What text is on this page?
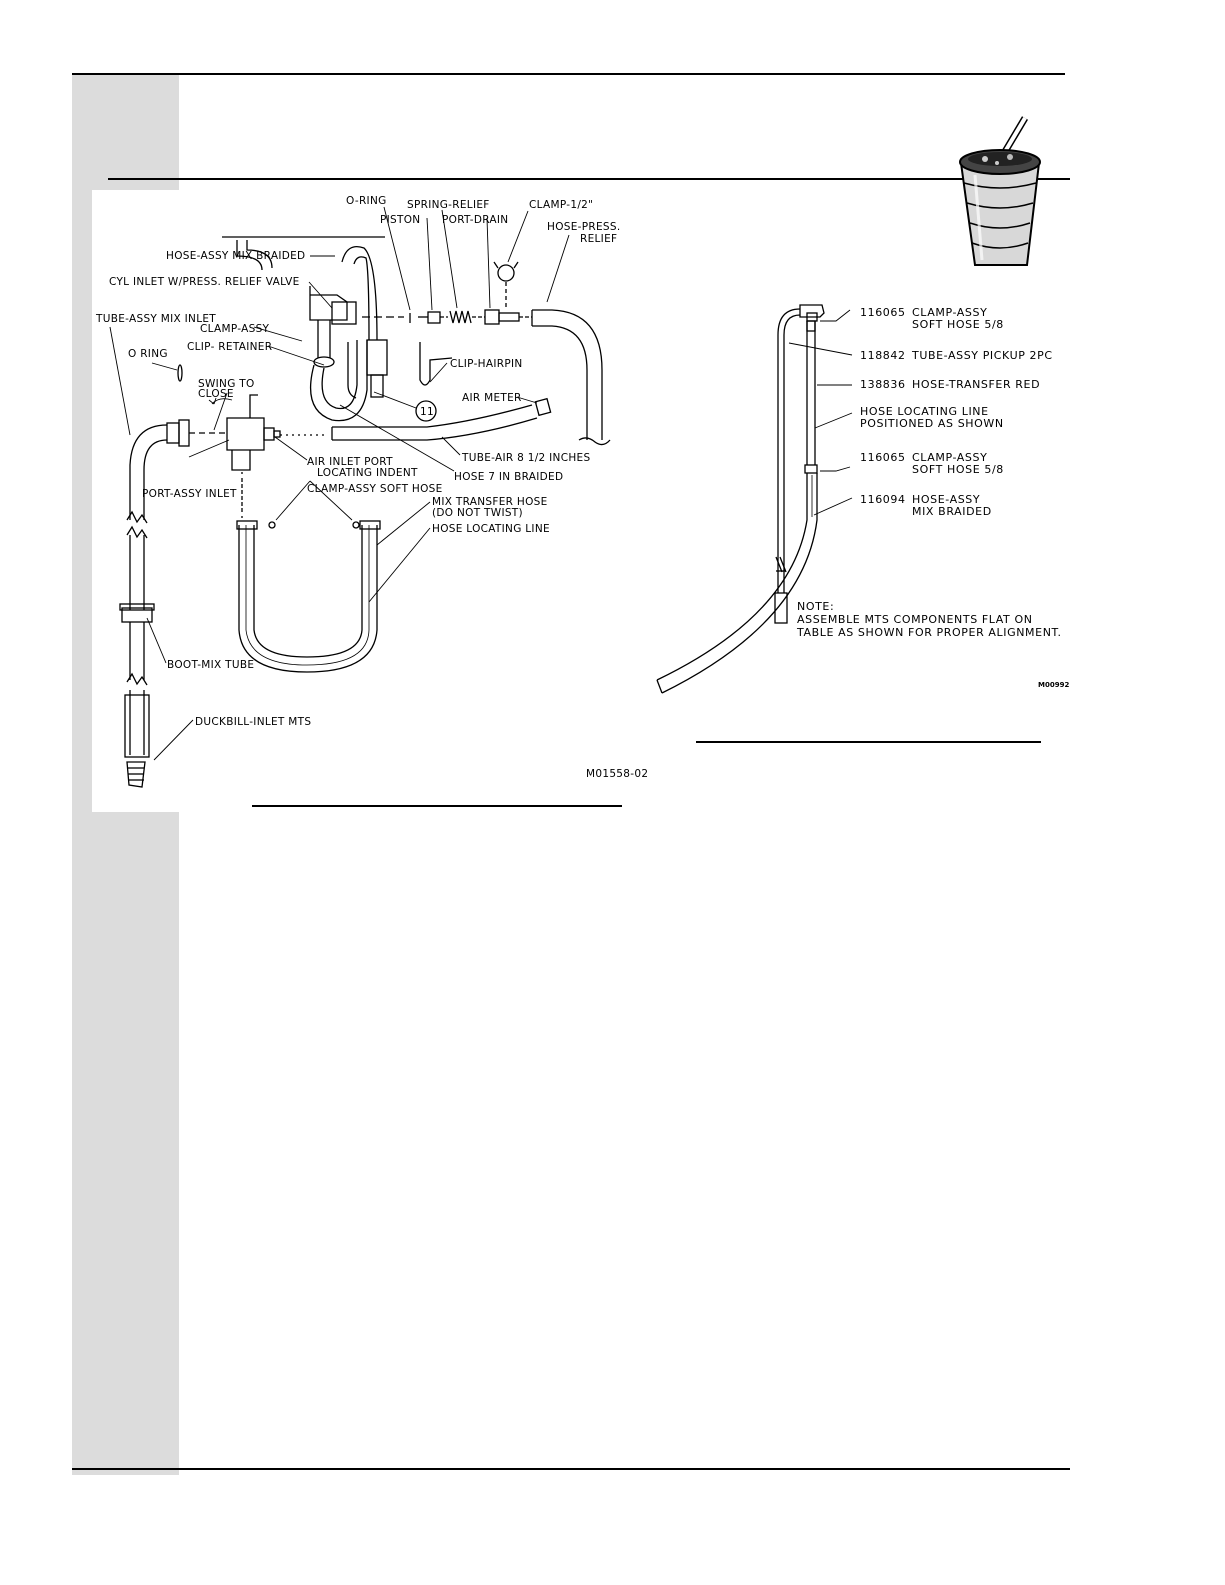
O-RING
PISTON
SPRING-RELIEF
PORT-DRAIN
CLAMP-1/2"
HOSE-PRESS.
RELIEF
HOSE-ASSY MIX BRAIDED
CYL INLET W/PRESS. RELIEF VALVE
TUBE-ASSY MIX INLET
CLAMP-ASSY
CLIP- RETAINER
O RING
CLIP-HAIRPIN
SWING TO
CLOSE
11
AIR METER
AIR INLET PORT
LOCATING INDENT
TUBE-AIR 8 1/2 INCHES
HOSE 7 IN BRAIDED
PORT-ASSY INLET	CLAMP-ASSY SOFT HOSE
MIX TRANSFER HOSE
(DO NOT TWIST)
HOSE LOCATING LINE
BOOT-MIX TUBE
DUCKBILL-INLET MTS
M01558-02
116065 CLAMP-ASSY
SOFT HOSE 5/8
118842 TUBE-ASSY PICKUP 2PC
138836 HOSE-TRANSFER RED
HOSE LOCATING LINE
POSITIONED AS SHOWN
116065 CLAMP-ASSY
SOFT HOSE 5/8
116094 HOSE-ASSY
MIX BRAIDED
NOTE:
ASSEMBLE MTS COMPONENTS FLAT ON
TABLE AS SHOWN FOR PROPER ALIGNMENT.
M00992
